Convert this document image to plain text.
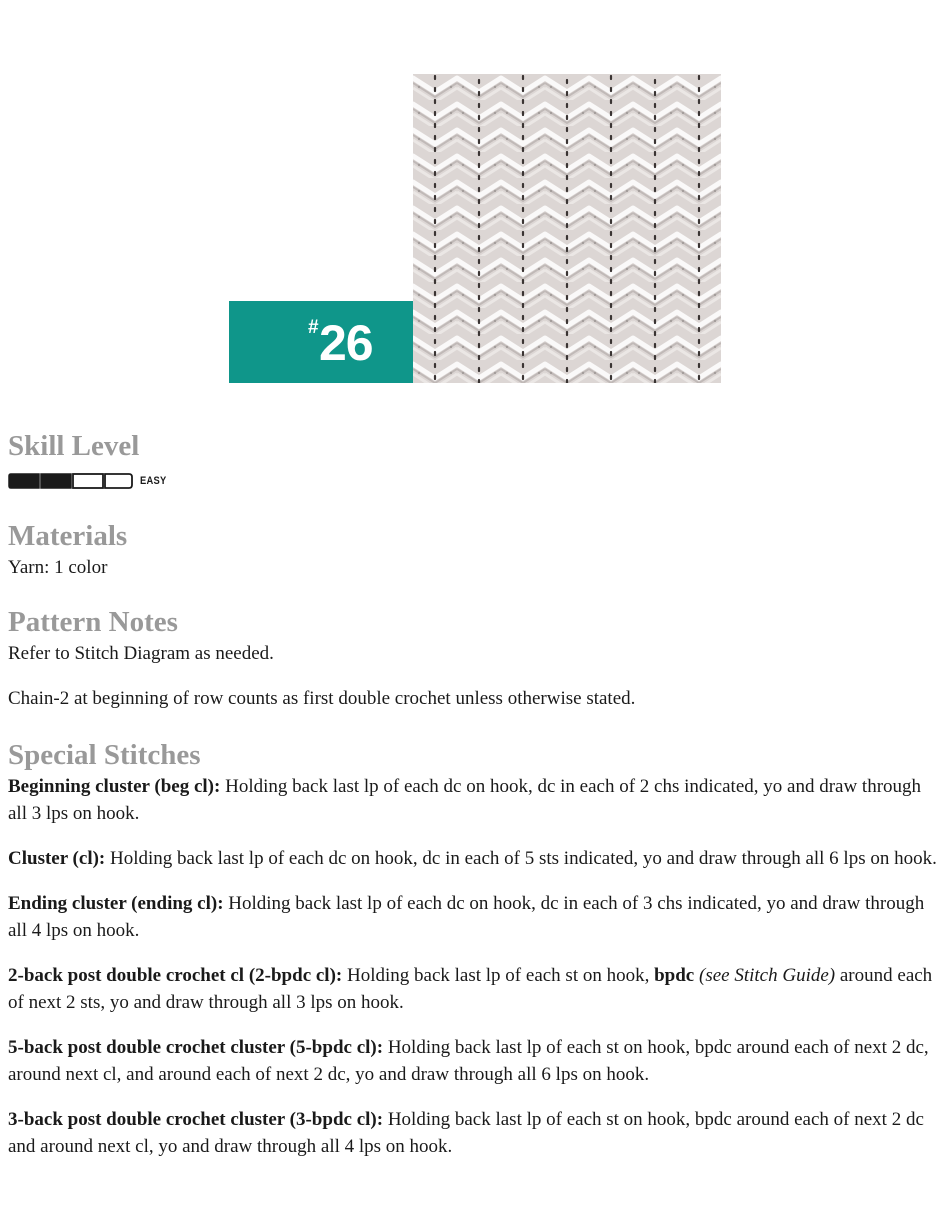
# 26
Skill Level
EASY
Materials

Yarn: 1 color

Pattern Notes

Refer to Stitch Diagram as needed.

Chain-2 at beginning of row counts as first double crochet unless otherwise stated.

Special Stitches

Beginning cluster (beg cl): Holding back last lp of each dc on hook, dc in each of 2 chs indicated, yo and draw through all 3 lps on hook.

Cluster (cl): Holding back last lp of each dc on hook, dc in each of 5 sts indicated, yo and draw through all 6 lps on hook.

Ending cluster (ending cl): Holding back last lp of each dc on hook, dc in each of 3 chs indicated, yo and draw through all 4 lps on hook.

2-back post double crochet cl (2-bpdc cl): Holding back last lp of each st on hook, bpdc (see Stitch Guide) around each of next 2 sts, yo and draw through all 3 lps on hook.

5-back post double crochet cluster (5-bpdc cl): Holding back last lp of each st on hook, bpdc around each of next 2 dc, around next cl, and around each of next 2 dc, yo and draw through all 6 lps on hook.

3-back post double crochet cluster (3-bpdc cl): Holding back last lp of each st on hook, bpdc around each of next 2 dc and around next cl, yo and draw through all 4 lps on hook.
